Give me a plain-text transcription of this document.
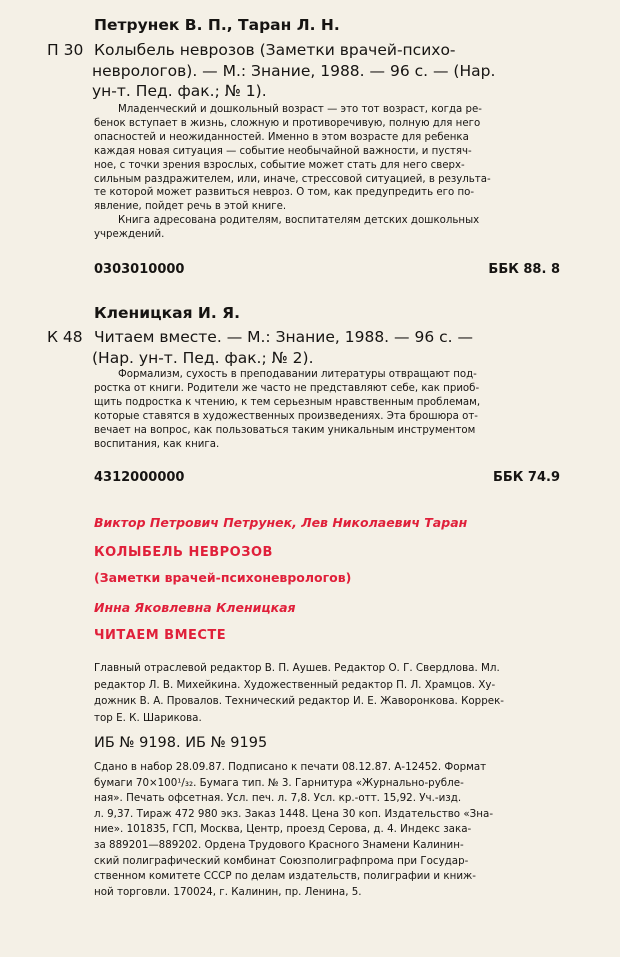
Петрунек В. П., Таран Л. Н.
П 30 Колыбель неврозов (Заметки врачей-психо-
неврологов). — М.: Знание, 1988. — 96 с. — (Нар.
ун-т. Пед. фак.; № 1).
Младенческий и дошкольный возраст — это тот возраст, когда ре-
бенок вступает в жизнь, сложную и противоречивую, полную для него
опасностей и неожиданностей. Именно в этом возрасте для ребенка
каждая новая ситуация — событие необычайной важности, и пустяч-
ное, с точки зрения взрослых, событие может стать для него сверх-
сильным раздражителем, или, иначе, стрессовой ситуацией, в результа-
те которой может развиться невроз. О том, как предупредить его по-
явление, пойдет речь в этой книге.
Книга адресована родителям, воспитателям детских дошкольных
учреждений.
0303010000	ББК 88. 8
Кленицкая И. Я.
К 48 Читаем вместе. — М.: Знание, 1988. — 96 с. —
(Нар. ун-т. Пед. фак.; № 2).
Формализм, сухость в преподавании литературы отвращают под-
ростка от книги. Родители же часто не представляют себе, как приоб-
щить подростка к чтению, к тем серьезным нравственным проблемам,
которые ставятся в художественных произведениях. Эта брошюра от-
вечает на вопрос, как пользоваться таким уникальным инструментом
воспитания, как книга.
4312000000	ББК 74.9
Виктор Петрович Петрунек, Лев Николаевич Таран
КОЛЫБЕЛЬ НЕВРОЗОВ
(Заметки врачей-психоневрологов)
Инна Яковлевна Кленицкая
ЧИТАЕМ ВМЕСТЕ
Главный отраслевой редактор В. П. Аушев. Редактор О. Г. Свердлова. Мл.
редактор Л. В. Михейкина. Художественный редактор П. Л. Храмцов. Ху-
дожник В. А. Провалов. Технический редактор И. Е. Жаворонкова. Коррек-
тор Е. К. Шарикова.
ИБ № 9198. ИБ № 9195
Сдано в набор 28.09.87. Подписано к печати 08.12.87. А-12452. Формат
бумаги 70×100¹/₃₂. Бумага тип. № 3. Гарнитура «Журнально-рублe-
ная». Печать офсетная. Усл. печ. л. 7,8. Усл. кр.-отт. 15,92. Уч.-изд.
л. 9,37. Тираж 472 980 экз. Заказ 1448. Цена 30 коп. Издательство «Зна-
ние». 101835, ГСП, Москва, Центр, проезд Серова, д. 4. Индекс зака-
за 889201—889202. Ордена Трудового Красного Знамени Калинин-
ский полиграфический комбинат Союзполиграфпрома при Государ-
ственном комитете СССР по делам издательств, полиграфии и книж-
ной торговли. 170024, г. Калинин, пр. Ленина, 5.
